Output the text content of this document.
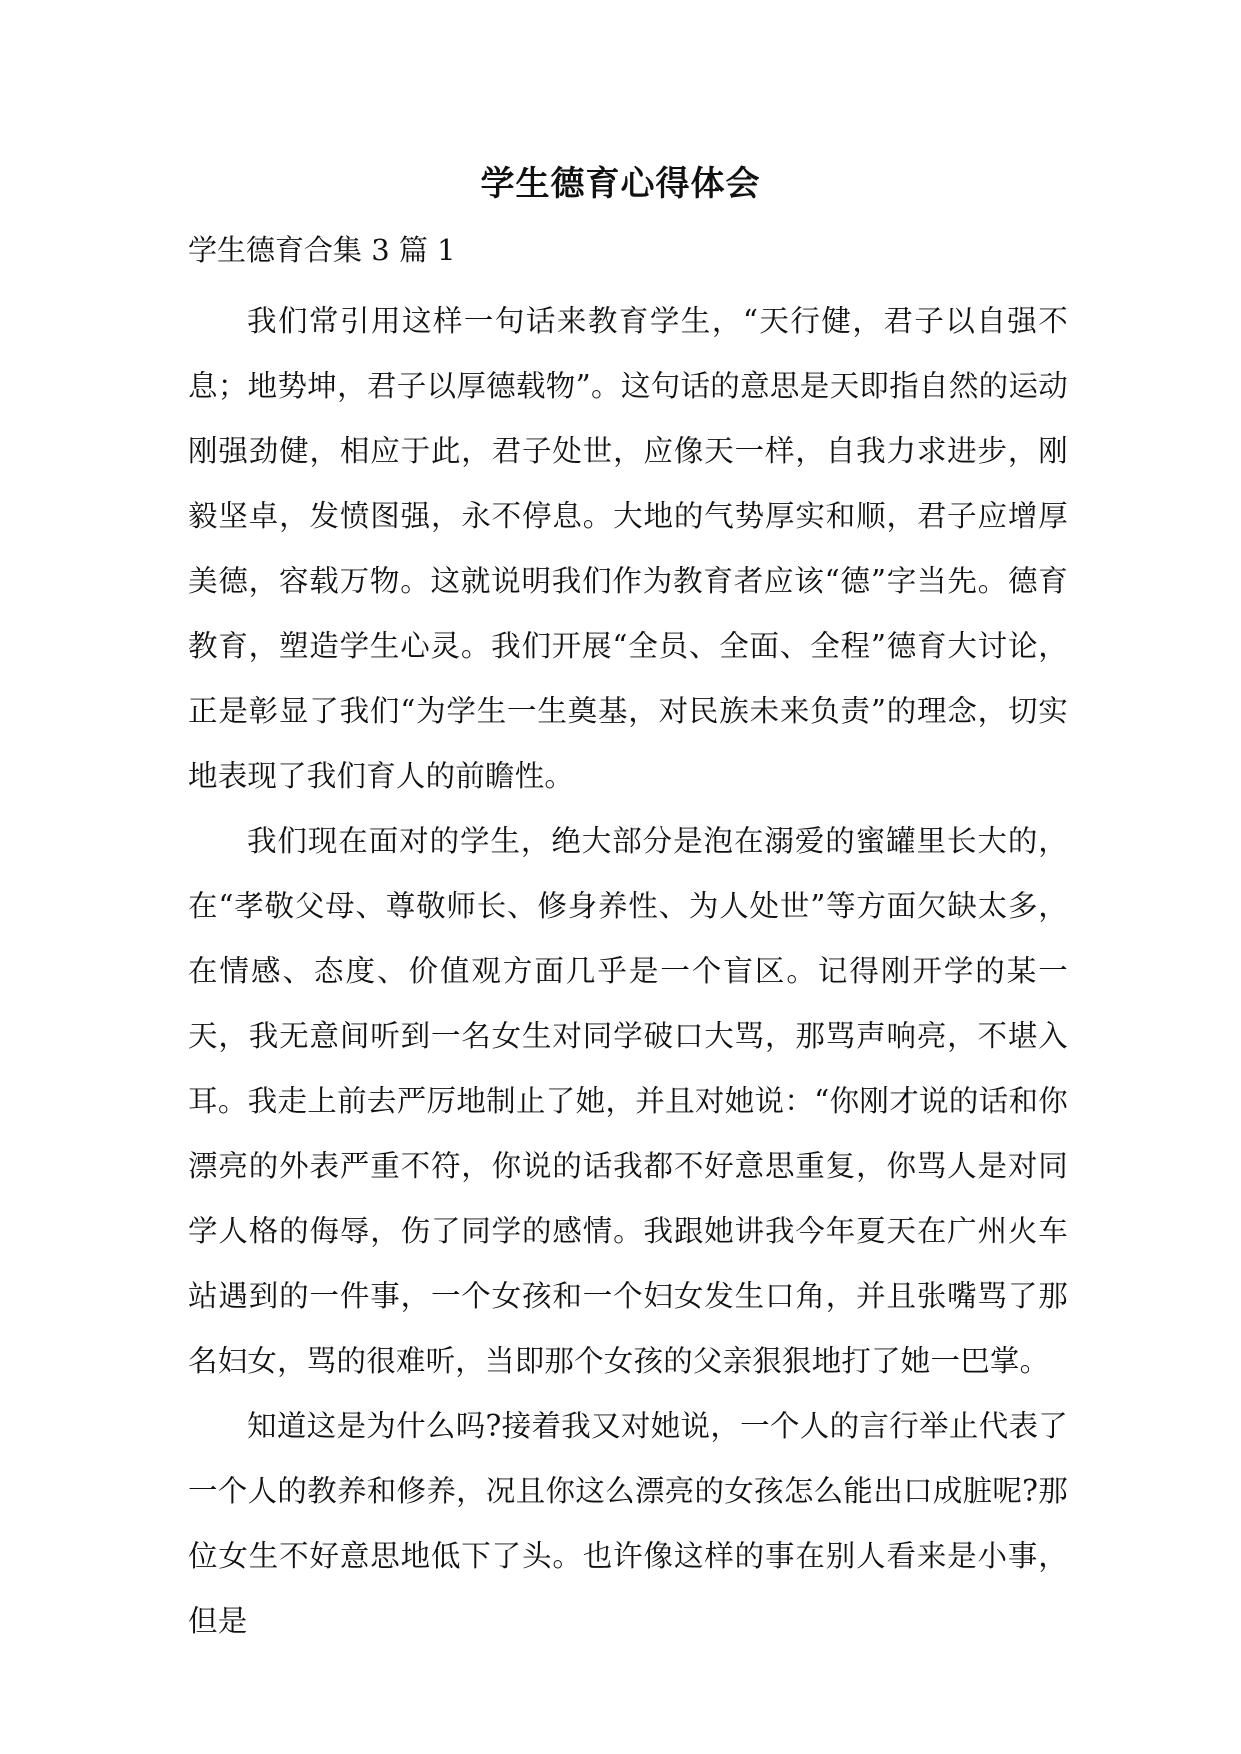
学生德育心得体会
学生德育合集 3 篇 1

我们常引用这样一句话来教育学生，“天行健，君子以自强不息；地势坤，君子以厚德载物”。这句话的意思是天即指自然的运动刚强劲健，相应于此，君子处世，应像天一样，自我力求进步，刚毅坚卓，发愤图强，永不停息。大地的气势厚实和顺，君子应增厚美德，容载万物。这就说明我们作为教育者应该“德”字当先。德育教育，塑造学生心灵。我们开展“全员、全面、全程”德育大讨论，正是彰显了我们“为学生一生奠基，对民族未来负责”的理念，切实地表现了我们育人的前瞻性。

我们现在面对的学生，绝大部分是泡在溺爱的蜜罐里长大的，在“孝敬父母、尊敬师长、修身养性、为人处世”等方面欠缺太多，在情感、态度、价值观方面几乎是一个盲区。记得刚开学的某一天，我无意间听到一名女生对同学破口大骂，那骂声响亮，不堪入耳。我走上前去严厉地制止了她，并且对她说：“你刚才说的话和你漂亮的外表严重不符，你说的话我都不好意思重复，你骂人是对同学人格的侮辱，伤了同学的感情。我跟她讲我今年夏天在广州火车站遇到的一件事，一个女孩和一个妇女发生口角，并且张嘴骂了那名妇女，骂的很难听，当即那个女孩的父亲狠狠地打了她一巴掌。

知道这是为什么吗?接着我又对她说，一个人的言行举止代表了一个人的教养和修养，况且你这么漂亮的女孩怎么能出口成脏呢?那位女生不好意思地低下了头。也许像这样的事在别人看来是小事，但是
